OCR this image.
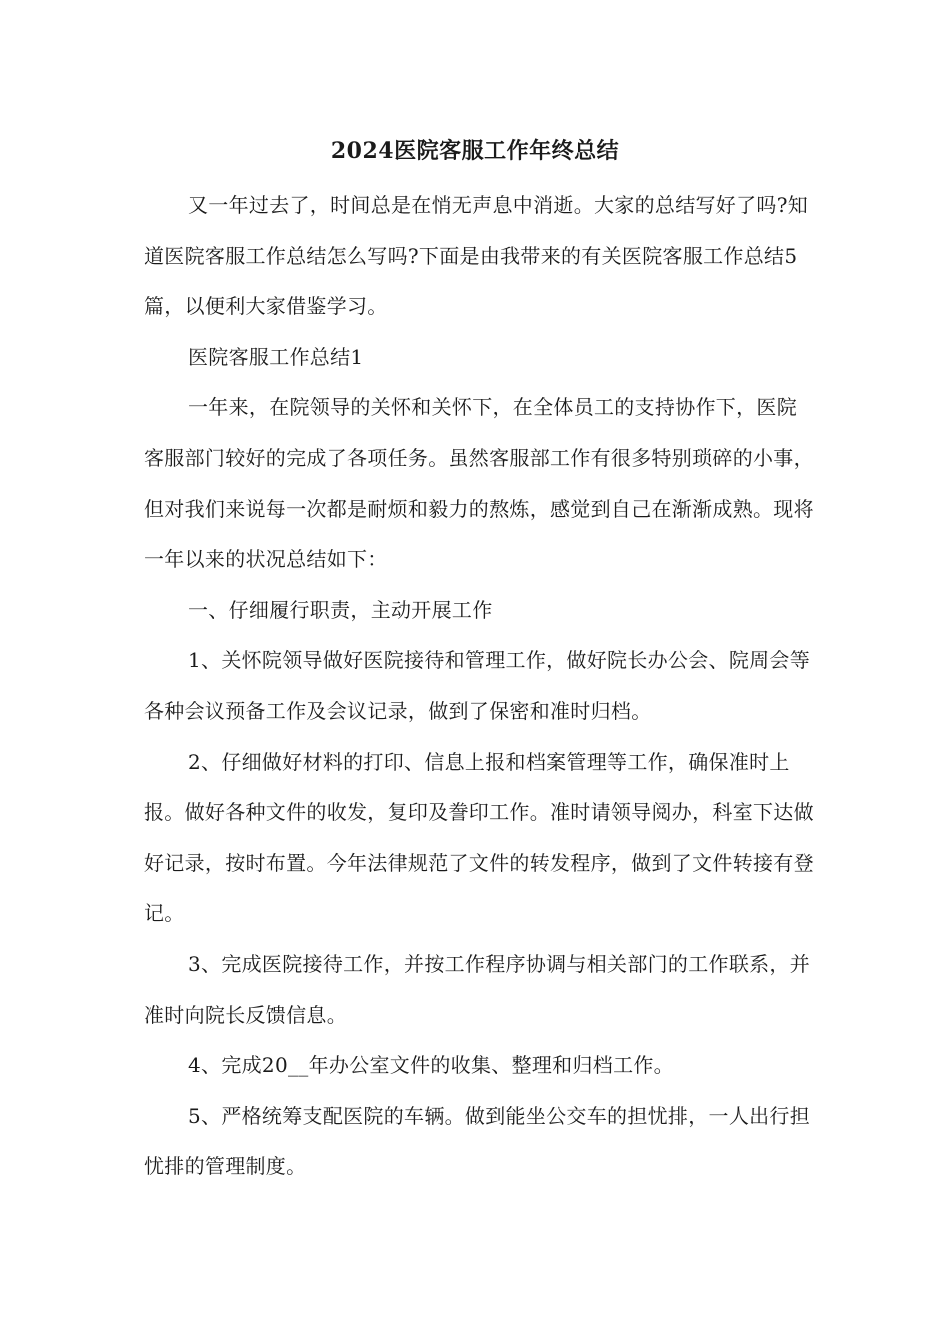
2024医院客服工作年终总结

又一年过去了，时间总是在悄无声息中消逝。大家的总结写好了吗?知道医院客服工作总结怎么写吗?下面是由我带来的有关医院客服工作总结5篇，以便利大家借鉴学习。

医院客服工作总结1

一年来，在院领导的关怀和关怀下，在全体员工的支持协作下，医院客服部门较好的完成了各项任务。虽然客服部工作有很多特别琐碎的小事，但对我们来说每一次都是耐烦和毅力的熬炼，感觉到自己在渐渐成熟。现将一年以来的状况总结如下：

一、仔细履行职责，主动开展工作

1、关怀院领导做好医院接待和管理工作，做好院长办公会、院周会等各种会议预备工作及会议记录，做到了保密和准时归档。

2、仔细做好材料的打印、信息上报和档案管理等工作，确保准时上报。做好各种文件的收发，复印及誊印工作。准时请领导阅办，科室下达做好记录，按时布置。今年法律规范了文件的转发程序，做到了文件转接有登记。

3、完成医院接待工作，并按工作程序协调与相关部门的工作联系，并准时向院长反馈信息。

4、完成20__年办公室文件的收集、整理和归档工作。

5、严格统筹支配医院的车辆。做到能坐公交车的担忧排，一人出行担忧排的管理制度。
